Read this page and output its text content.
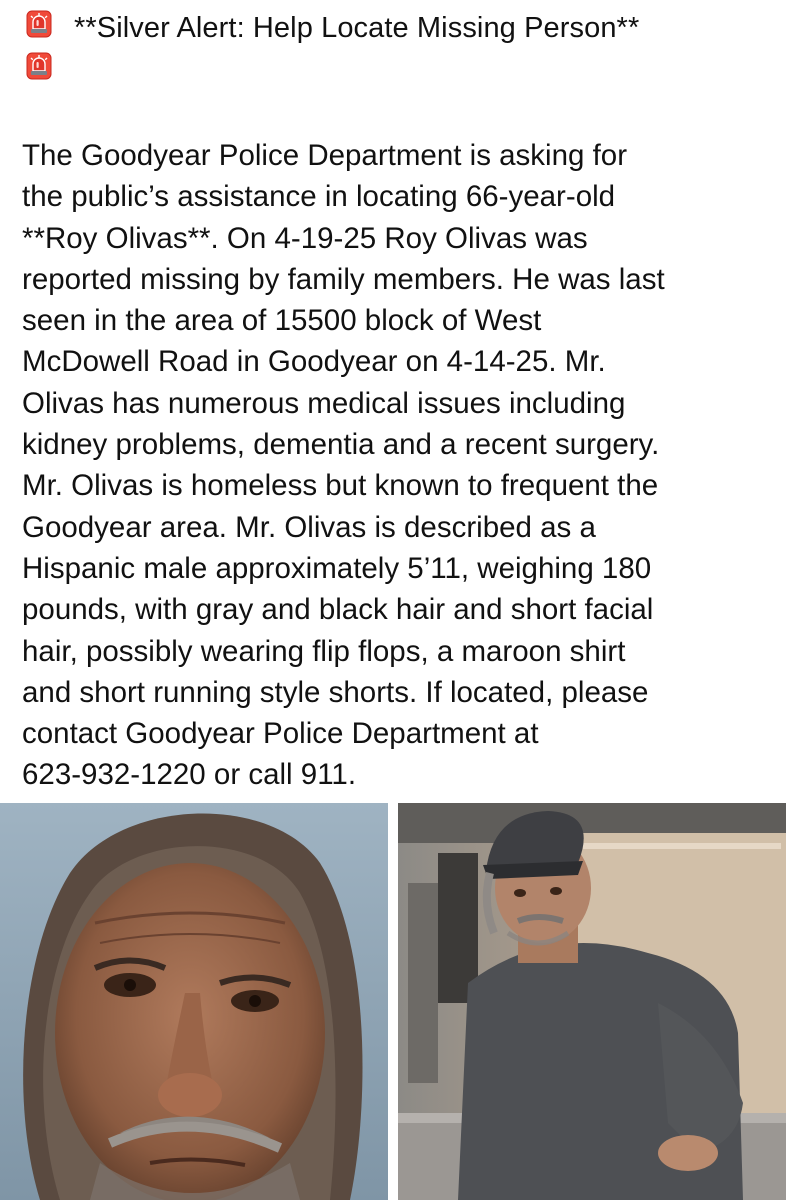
**Silver Alert: Help Locate Missing Person**

The Goodyear Police Department is asking for
the public’s assistance in locating 66-year-old
**Roy Olivas**. On 4-19-25 Roy Olivas was
reported missing by family members. He was last
seen in the area of 15500 block of West
McDowell Road in Goodyear on 4-14-25. Mr.
Olivas has numerous medical issues including
kidney problems, dementia and a recent surgery.
Mr. Olivas is homeless but known to frequent the
Goodyear area. Mr. Olivas is described as a
Hispanic male approximately 5’11, weighing 180
pounds, with gray and black hair and short facial
hair, possibly wearing flip flops, a maroon shirt
and short running style shorts. If located, please
contact Goodyear Police Department at
623-932-1220 or call 911.
